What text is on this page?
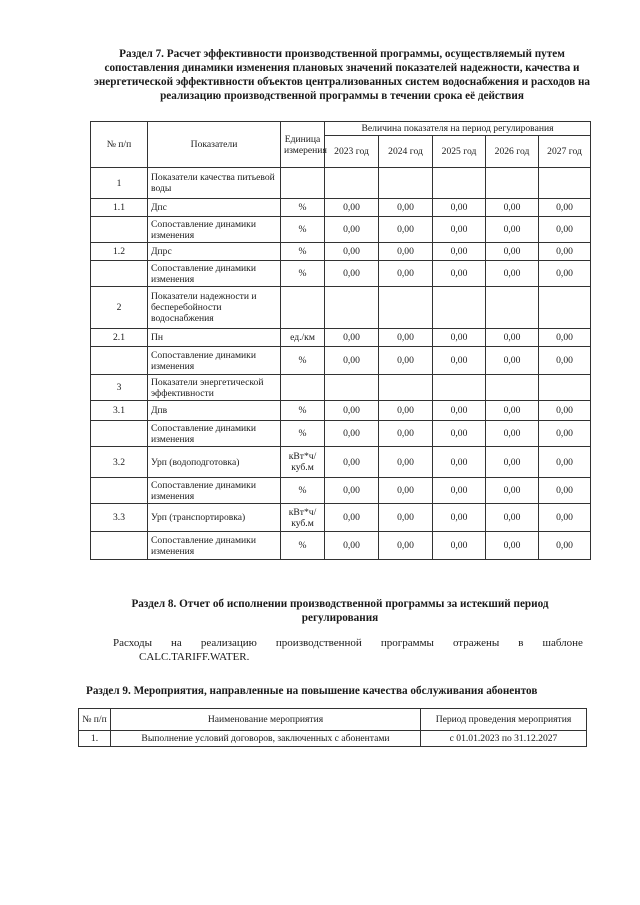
Раздел 7. Расчет эффективности производственной программы, осуществляемый путем сопоставления динамики изменения плановых значений показателей надежности, качества и энергетической эффективности объектов централизованных систем водоснабжения и расходов на реализацию производственной программы в течении срока её действия
№ п/п	Показатели	Единица измерения	Величина показателя на период регулирования				
			2023 год	2024 год	2025 год	2026 год	2027 год
1	Показатели качества питьевой воды						
1.1	Дпс	%	0,00	0,00	0,00	0,00	0,00
	Сопоставление динамики изменения	%	0,00	0,00	0,00	0,00	0,00
1.2	Дпрс	%	0,00	0,00	0,00	0,00	0,00
	Сопоставление динамики изменения	%	0,00	0,00	0,00	0,00	0,00
2	Показатели надежности и бесперебойности водоснабжения						
2.1	Пн	ед./км	0,00	0,00	0,00	0,00	0,00
	Сопоставление динамики изменения	%	0,00	0,00	0,00	0,00	0,00
3	Показатели энергетической эффективности						
3.1	Дпв	%	0,00	0,00	0,00	0,00	0,00
	Сопоставление динамики изменения	%	0,00	0,00	0,00	0,00	0,00
3.2	Урп (водоподготовка)	кВт*ч/куб.м	0,00	0,00	0,00	0,00	0,00
	Сопоставление динамики изменения	%	0,00	0,00	0,00	0,00	0,00
3.3	Урп (транспортировка)	кВт*ч/куб.м	0,00	0,00	0,00	0,00	0,00
	Сопоставление динамики изменения	%	0,00	0,00	0,00	0,00	0,00
Раздел 8. Отчет об исполнении производственной программы за истекший период регулирования
Расходы на реализацию производственной программы отражены в шаблоне
CALC.TARIFF.WATER.
Раздел 9. Мероприятия, направленные на повышение качества обслуживания абонентов
№ п/п	Наименование мероприятия	Период проведения мероприятия
1.	Выполнение условий договоров, заключенных с абонентами	с 01.01.2023 по 31.12.2027
